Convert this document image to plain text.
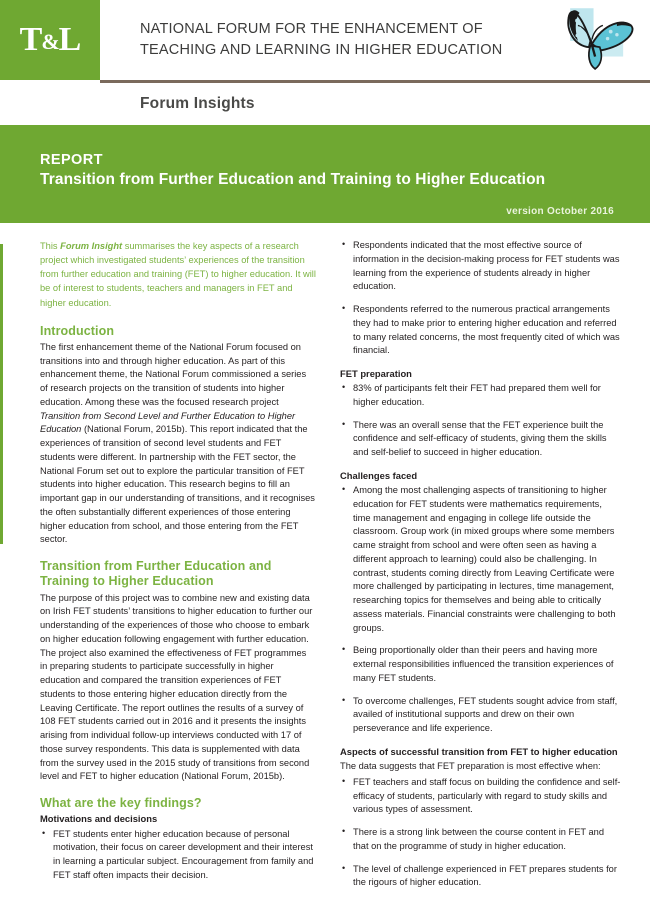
T&L	NATIONAL FORUM FOR THE ENHANCEMENT OF TEACHING AND LEARNING IN HIGHER EDUCATION
Forum Insights
REPORT
Transition from Further Education and Training to Higher Education
version October 2016

This Forum Insight summarises the key aspects of a research project which investigated students’ experiences of the transition from further education and training (FET) to higher education. It will be of interest to students, teachers and managers in FET and higher education.

Introduction

The first enhancement theme of the National Forum focused on transitions into and through higher education. As part of this enhancement theme, the National Forum commissioned a series of research projects on the transition of students into higher education. Among these was the focused research project Transition from Second Level and Further Education to Higher Education (National Forum, 2015b). This report indicated that the experiences of transition of second level students and FET students were different. In partnership with the FET sector, the National Forum set out to explore the particular transition of FET students into higher education. This research begins to fill an important gap in our understanding of transitions, and it recognises the often substantially different experiences of those entering higher education from school, and those entering from the FET sector.

Transition from Further Education and Training to Higher Education

The purpose of this project was to combine new and existing data on Irish FET students’ transitions to higher education to further our understanding of the experiences of those who choose to embark on higher education following engagement with further education. The project also examined the effectiveness of FET programmes in preparing students to participate successfully in higher education and compared the transition experiences of FET students to those entering higher education directly from the Leaving Certificate. The report outlines the results of a survey of 108 FET students carried out in 2016 and it presents the insights arising from individual follow-up interviews conducted with 17 of those survey respondents. This data is supplemented with data from the survey used in the 2015 study of transitions from second level and FET to higher education (National Forum, 2015b).

What are the key findings?
Motivations and decisions
• FET students enter higher education because of personal motivation, their focus on career development and their interest in learning a particular subject. Encouragement from family and FET staff often impacts their decision.
• Respondents indicated that the most effective source of information in the decision-making process for FET students was learning from the experience of students already in higher education.
• Respondents referred to the numerous practical arrangements they had to make prior to entering higher education and referred to many related concerns, the most frequently cited of which was financial.
FET preparation
• 83% of participants felt their FET had prepared them well for higher education.
• There was an overall sense that the FET experience built the confidence and self-efficacy of students, giving them the skills and self-belief to succeed in higher education.
Challenges faced
• Among the most challenging aspects of transitioning to higher education for FET students were mathematics requirements, time management and engaging in college life outside the classroom. Group work (in mixed groups where some members came straight from school and were often seen as having a different approach to learning) could also be challenging. In contrast, students coming directly from Leaving Certificate were more challenged by participating in lectures, time management, researching topics for themselves and being able to critically assess materials. Financial constraints were challenging to both groups.
• Being proportionally older than their peers and having more external responsibilities influenced the transition experiences of many FET students.
• To overcome challenges, FET students sought advice from staff, availed of institutional supports and drew on their own perseverance and life experience.
Aspects of successful transition from FET to higher education

The data suggests that FET preparation is most effective when:

• FET teachers and staff focus on building the confidence and self-efficacy of students, particularly with regard to study skills and various types of assessment.
• There is a strong link between the course content in FET and that on the programme of study in higher education.
• The level of challenge experienced in FET prepares students for the rigours of higher education.
